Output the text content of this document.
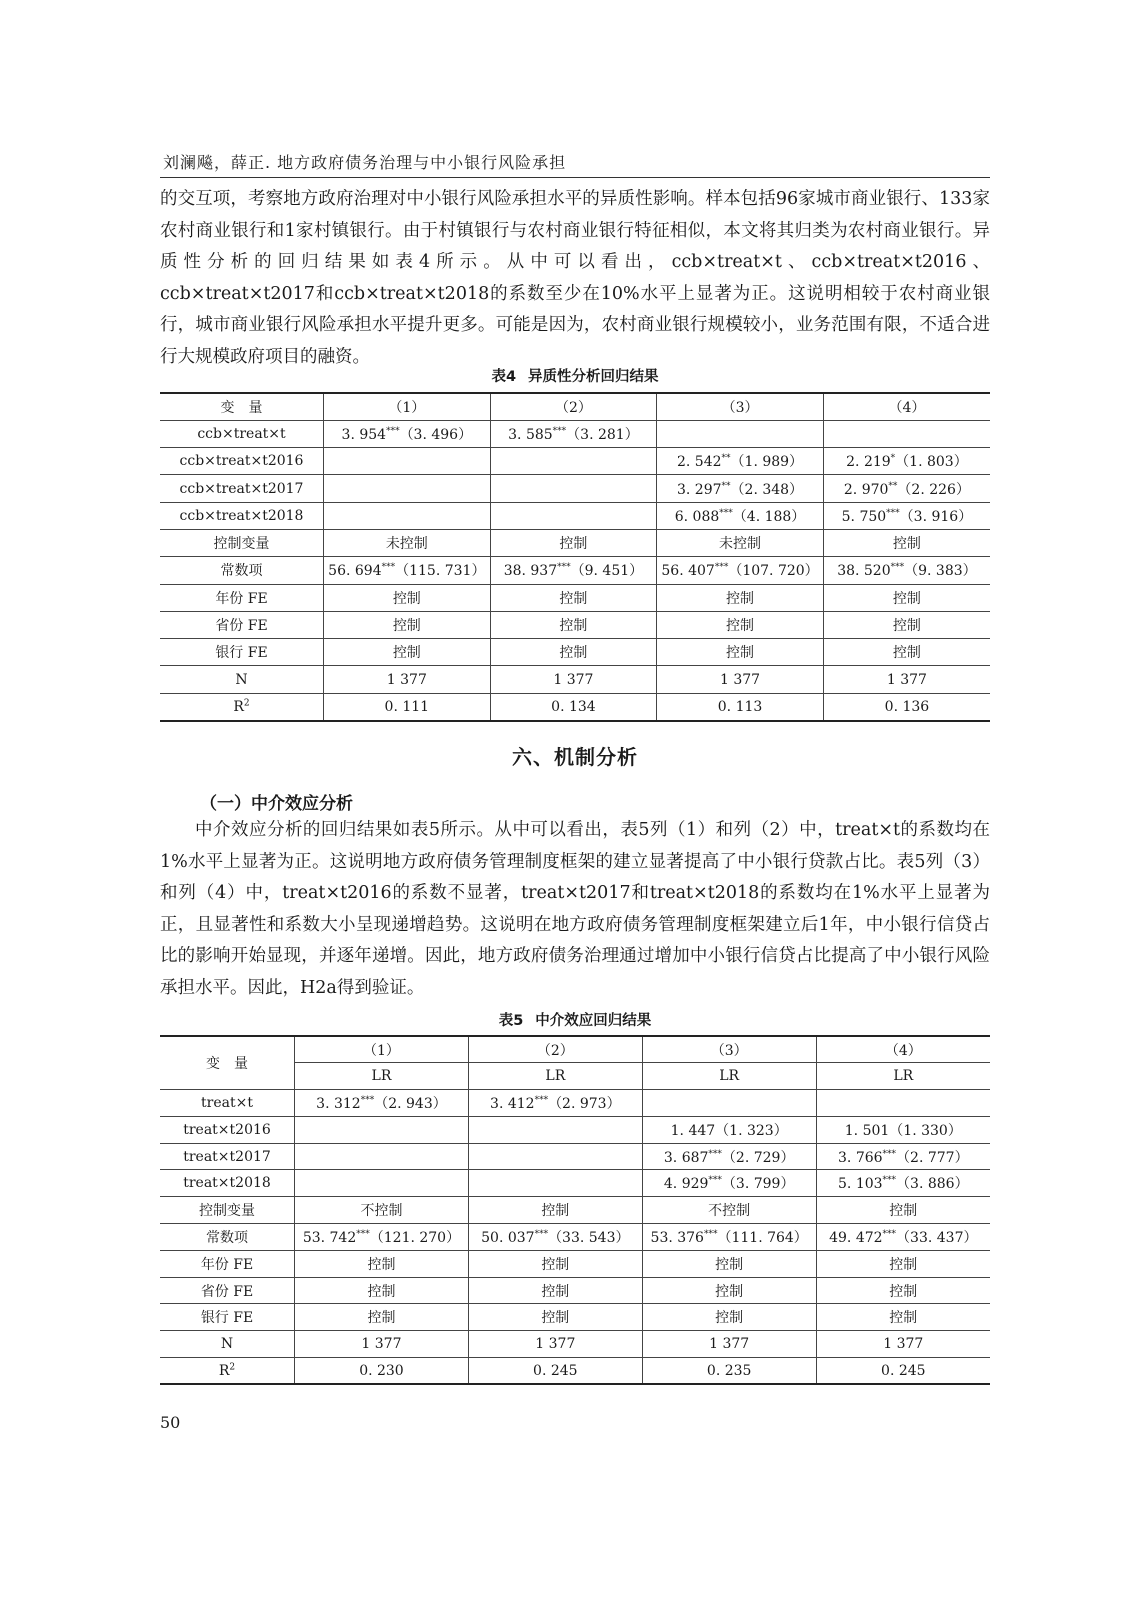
刘澜飚，薛正. 地方政府债务治理与中小银行风险承担

的交互项，考察地方政府治理对中小银行风险承担水平的异质性影响。样本包括96家城市商业银行、133家农村商业银行和1家村镇银行。由于村镇银行与农村商业银行特征相似，本文将其归类为农村商业银行。异质性分析的回归结果如表4所示。从中可以看出，ccb×treat×t、ccb×treat×t2016、ccb×treat×t2017和ccb×treat×t2018的系数至少在10%水平上显著为正。这说明相较于农村商业银行，城市商业银行风险承担水平提升更多。可能是因为，农村商业银行规模较小，业务范围有限，不适合进行大规模政府项目的融资。

表4 异质性分析回归结果
变　量	（1）	（2）	（3）	（4）
ccb×treat×t	3. 954***（3. 496）	3. 585***（3. 281）		
ccb×treat×t2016			2. 542**（1. 989）	2. 219*（1. 803）
ccb×treat×t2017			3. 297**（2. 348）	2. 970**（2. 226）
ccb×treat×t2018			6. 088***（4. 188）	5. 750***（3. 916）
控制变量	未控制	控制	未控制	控制
常数项	56. 694***（115. 731）	38. 937***（9. 451）	56. 407***（107. 720）	38. 520***（9. 383）
年份 FE	控制	控制	控制	控制
省份 FE	控制	控制	控制	控制
银行 FE	控制	控制	控制	控制
N	1 377	1 377	1 377	1 377
$R^2$	0. 111	0. 134	0. 113	0. 136
六、机制分析
（一）中介效应分析

中介效应分析的回归结果如表5所示。从中可以看出，表5列（1）和列（2）中，treat×t的系数均在1%水平上显著为正。这说明地方政府债务管理制度框架的建立显著提高了中小银行贷款占比。表5列（3）和列（4）中，treat×t2016的系数不显著，treat×t2017和treat×t2018的系数均在1%水平上显著为正，且显著性和系数大小呈现递增趋势。这说明在地方政府债务管理制度框架建立后1年，中小银行信贷占比的影响开始显现，并逐年递增。因此，地方政府债务治理通过增加中小银行信贷占比提高了中小银行风险承担水平。因此，H2a得到验证。

表5 中介效应回归结果
变　量	（1）	（2）	（3）	（4）
	LR	LR	LR	LR
treat×t	3. 312***（2. 943）	3. 412***（2. 973）		
treat×t2016			1. 447（1. 323）	1. 501（1. 330）
treat×t2017			3. 687***（2. 729）	3. 766***（2. 777）
treat×t2018			4. 929***（3. 799）	5. 103***（3. 886）
控制变量	不控制	控制	不控制	控制
常数项	53. 742***（121. 270）	50. 037***（33. 543）	53. 376***（111. 764）	49. 472***（33. 437）
年份 FE	控制	控制	控制	控制
省份 FE	控制	控制	控制	控制
银行 FE	控制	控制	控制	控制
N	1 377	1 377	1 377	1 377
$R^2$	0. 230	0. 245	0. 235	0. 245
50
